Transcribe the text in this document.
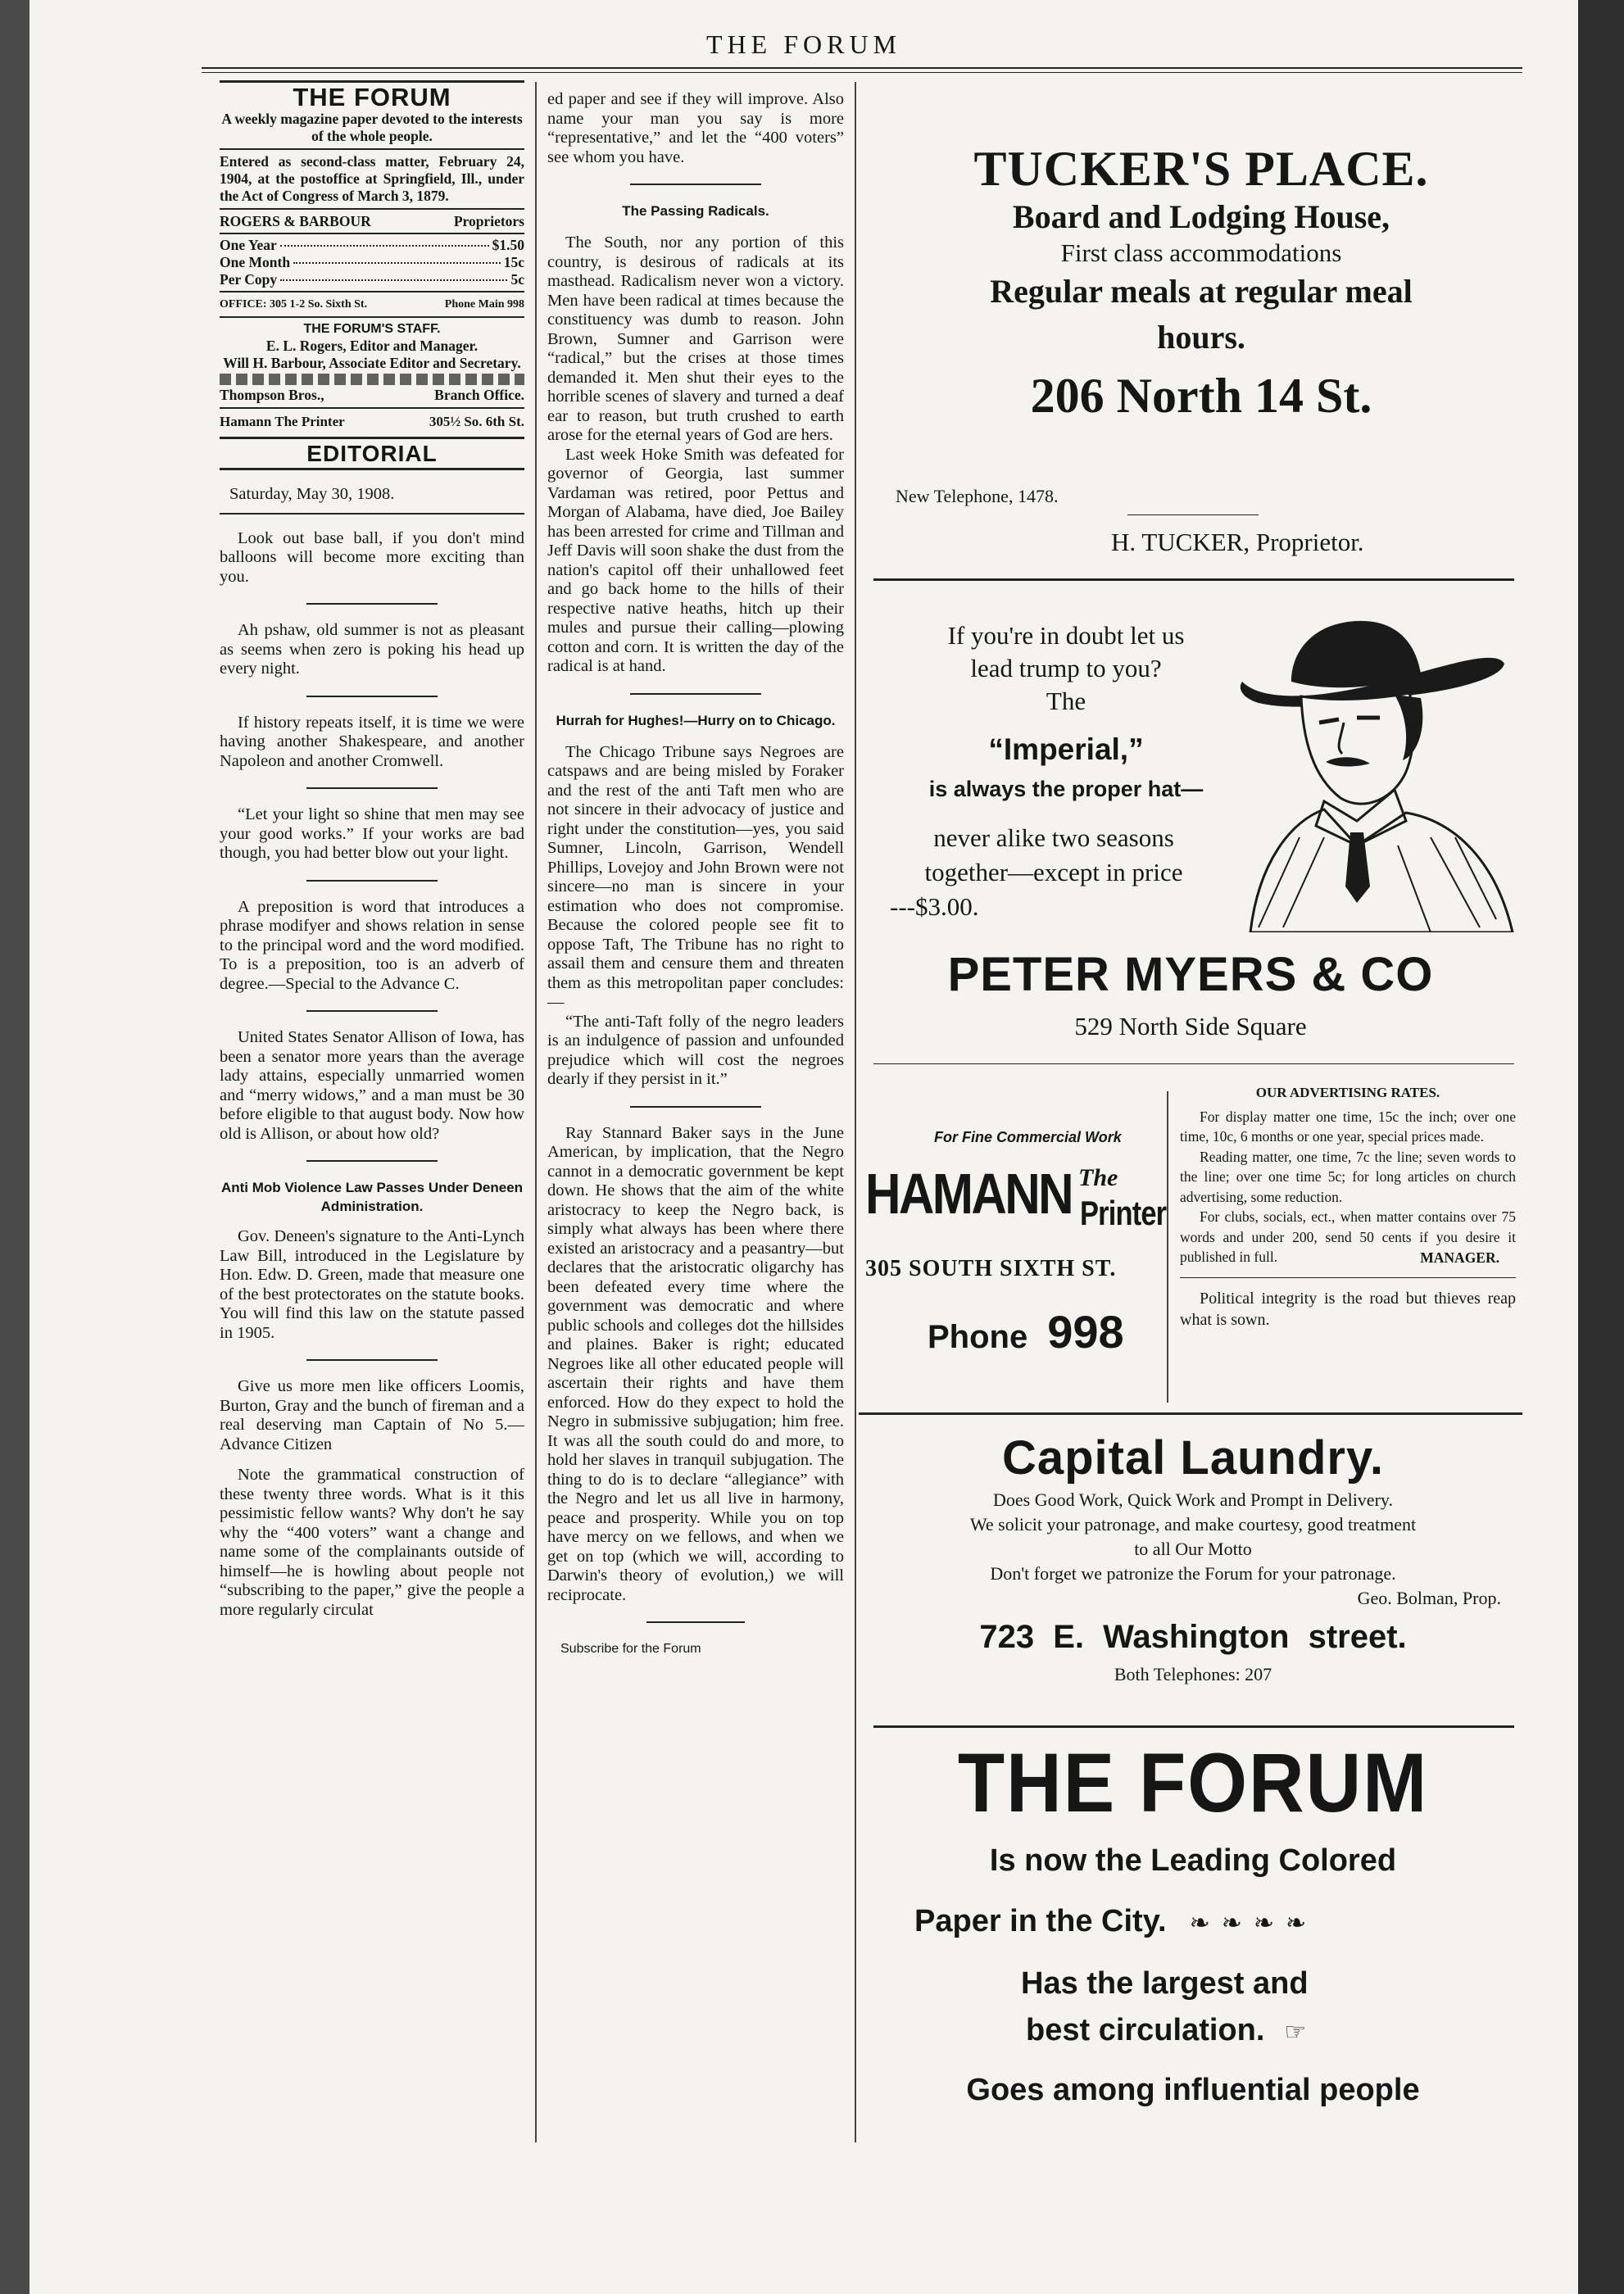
THE FORUM
THE FORUM
A weekly magazine paper devoted to the interests of the whole people.
Entered as second-class matter, February 24, 1904, at the postoffice at Springfield, Ill., under the Act of Congress of March 3, 1879.
ROGERS & BARBOUR	Proprietors
One Year	$1.50
One Month	15c
Per Copy	5c
OFFICE: 305 1-2 So. Sixth St.	Phone Main 998
THE FORUM'S STAFF.
E. L. Rogers, Editor and Manager.
Will H. Barbour, Associate Editor and Secretary.
Thompson Bros.,	Branch Office.
Hamann The Printer	305½ So. 6th St.
EDITORIAL
Saturday, May 30, 1908.

Look out base ball, if you don't mind balloons will become more exciting than you.

Ah pshaw, old summer is not as pleasant as seems when zero is poking his head up every night.

If history repeats itself, it is time we were having another Shakespeare, and another Napoleon and another Cromwell.

“Let your light so shine that men may see your good works.” If your works are bad though, you had better blow out your light.

A preposition is word that introduces a phrase modifyer and shows relation in sense to the principal word and the word modified. To is a preposition, too is an adverb of degree.—Special to the Advance C.

United States Senator Allison of Iowa, has been a senator more years than the average lady attains, especially unmarried women and “merry widows,” and a man must be 30 before eligible to that august body. Now how old is Allison, or about how old?

Anti Mob Violence Law Passes Under Deneen Administration.

Gov. Deneen's signature to the Anti-Lynch Law Bill, introduced in the Legislature by Hon. Edw. D. Green, made that measure one of the best protectorates on the statute books. You will find this law on the statute passed in 1905.

Give us more men like officers Loomis, Burton, Gray and the bunch of fireman and a real deserving man Captain of No 5.—Advance Citizen

Note the grammatical construction of these twenty three words. What is it this pessimistic fellow wants? Why don't he say why the “400 voters” want a change and name some of the complainants outside of himself—he is howling about people not “subscribing to the paper,” give the people a more regularly circulat

ed paper and see if they will improve. Also name your man you say is more “representative,” and let the “400 voters” see whom you have.

The Passing Radicals.

The South, nor any portion of this country, is desirous of radicals at its masthead. Radicalism never won a victory. Men have been radical at times because the constituency was dumb to reason. John Brown, Sumner and Garrison were “radical,” but the crises at those times demanded it. Men shut their eyes to the horrible scenes of slavery and turned a deaf ear to reason, but truth crushed to earth arose for the eternal years of God are hers.

Last week Hoke Smith was defeated for governor of Georgia, last summer Vardaman was retired, poor Pettus and Morgan of Alabama, have died, Joe Bailey has been arrested for crime and Tillman and Jeff Davis will soon shake the dust from the nation's capitol off their unhallowed feet and go back home to the hills of their respective native heaths, hitch up their mules and pursue their calling—plowing cotton and corn. It is written the day of the radical is at hand.

Hurrah for Hughes!—Hurry on to Chicago.

The Chicago Tribune says Negroes are catspaws and are being misled by Foraker and the rest of the anti Taft men who are not sincere in their advocacy of justice and right under the constitution—yes, you said Sumner, Lincoln, Garrison, Wendell Phillips, Lovejoy and John Brown were not sincere—no man is sincere in your estimation who does not compromise. Because the colored people see fit to oppose Taft, The Tribune has no right to assail them and censure them and threaten them as this metropolitan paper concludes:—

“The anti-Taft folly of the negro leaders is an indulgence of passion and unfounded prejudice which will cost the negroes dearly if they persist in it.”

Ray Stannard Baker says in the June American, by implication, that the Negro cannot in a democratic government be kept down. He shows that the aim of the white aristocracy to keep the Negro back, is simply what always has been where there existed an aristocracy and a peasantry—but declares that the aristocratic oligarchy has been defeated every time where the government was democratic and where public schools and colleges dot the hillsides and plaines. Baker is right; educated Negroes like all other educated people will ascertain their rights and have them enforced. How do they expect to hold the Negro in submissive subjugation; him free. It was all the south could do and more, to hold her slaves in tranquil subjugation. The thing to do is to declare “allegiance” with the Negro and let us all live in harmony, peace and prosperity. While you on top have mercy on we fellows, and when we get on top (which we will, according to Darwin's theory of evolution,) we will reciprocate.

Subscribe for the Forum
TUCKER'S PLACE.
Board and Lodging House,
First class accommodations
Regular meals at regular meal
hours.
206 North 14 St.
New Telephone, 1478.
H. TUCKER, Proprietor.
If you're in doubt let us
lead trump to you?
The
“Imperial,”
is always the proper hat—
never alike two seasons
together—except in price
---$3.00.
PETER MYERS & CO
529 North Side Square
For Fine Commercial Work
HAMANN The
Printer
305 SOUTH SIXTH ST.
Phone 998
OUR ADVERTISING RATES.

For display matter one time, 15c the inch; over one time, 10c, 6 months or one year, special prices made.

Reading matter, one time, 7c the line; seven words to the line; over one time 5c; for long articles on church advertising, some reduction.

For clubs, socials, ect., when matter contains over 75 words and under 200, send 50 cents if you desire it published in full.	MANAGER.
Political integrity is the road but thieves reap what is sown.
Capital Laundry.
Does Good Work, Quick Work and Prompt in Delivery.
We solicit your patronage, and make courtesy, good treatment
to all Our Motto
Don't forget we patronize the Forum for your patronage.
Geo. Bolman, Prop.
723 E. Washington street.
Both Telephones: 207
THE FORUM
Is now the Leading Colored
Paper in the City. ❧❧❧❧
Has the largest and
best circulation. ☞
Goes among influential people
